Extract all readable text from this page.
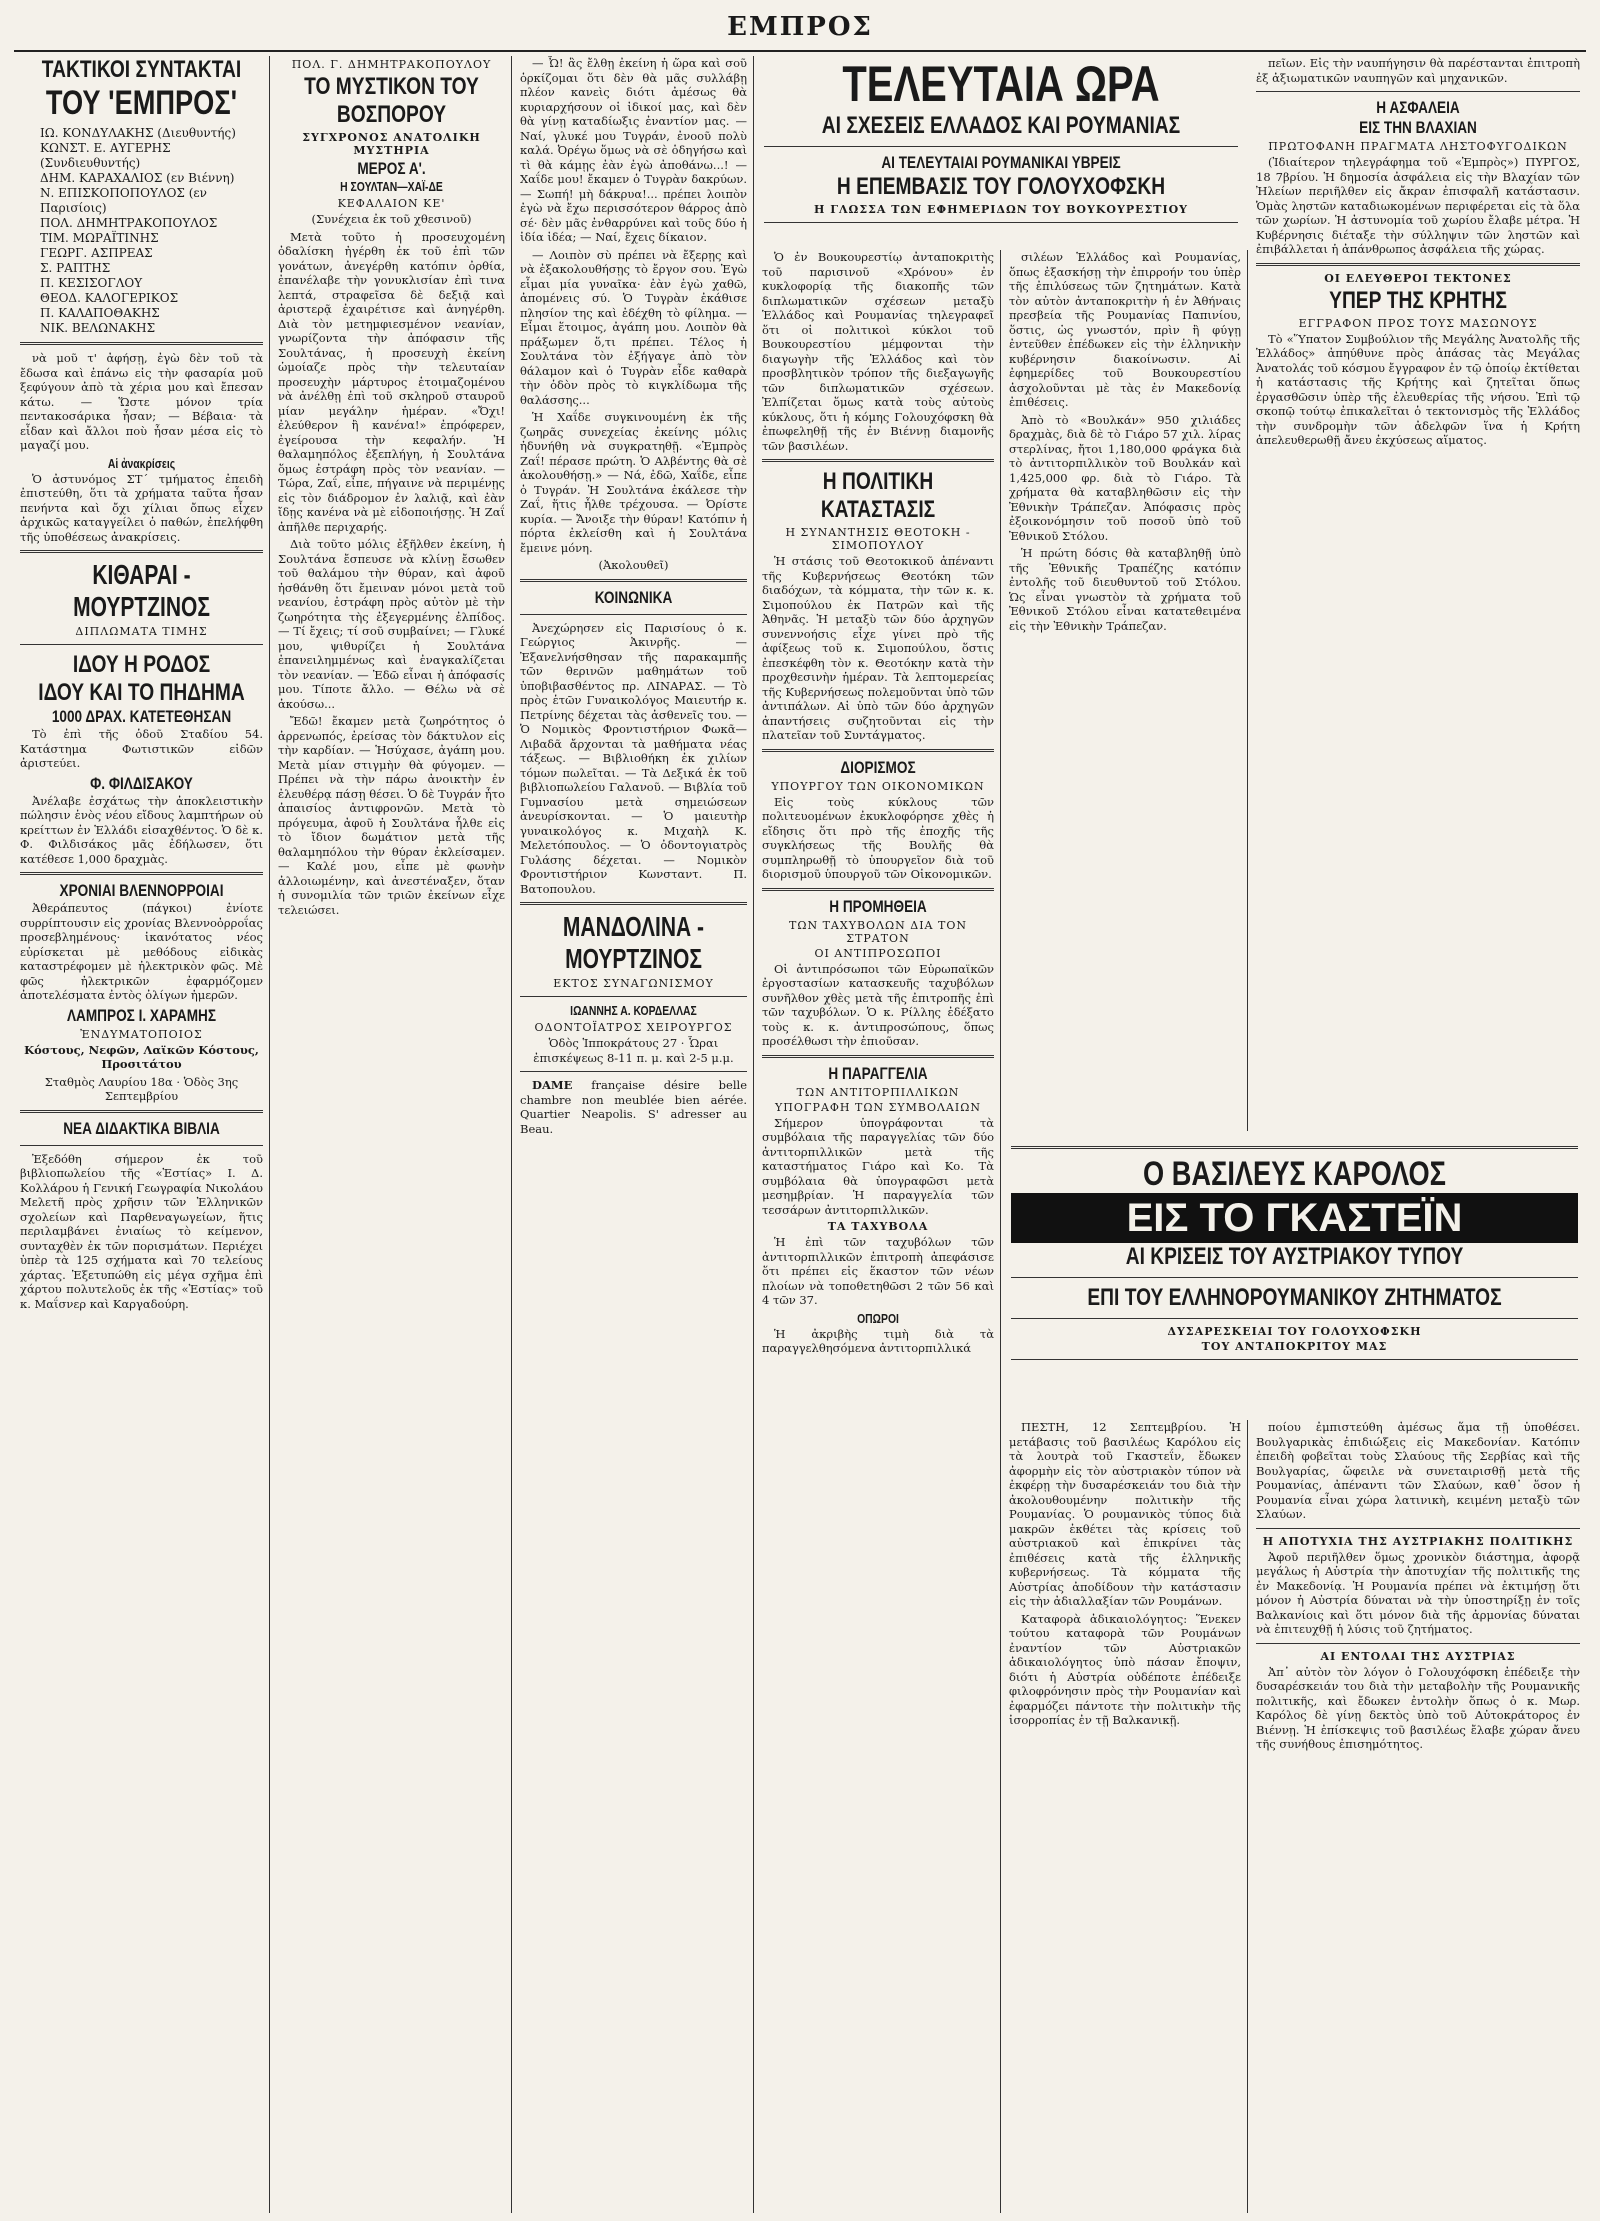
ΕΜΠΡΟΣ
ΤΑΚΤΙΚΟΙ ΣΥΝΤΑΚΤΑΙ
ΤΟΥ 'ΕΜΠΡΟΣ'
ΙΩ. ΚΟΝΔΥΛΑΚΗΣ (Διευθυντής)
ΚΩΝΣΤ. Ε. ΑΥΓΕΡΗΣ (Συνδιευθυντής)
ΔΗΜ. ΚΑΡΑΧΑΛΙΟΣ (εν Βιέννη)
Ν. ΕΠΙΣΚΟΠΟΠΟΥΛΟΣ (εν Παρισίοις)
ΠΟΛ. ΔΗΜΗΤΡΑΚΟΠΟΥΛΟΣ
ΤΙΜ. ΜΩΡΑΪΤΙΝΗΣ
ΓΕΩΡΓ. ΑΣΠΡΕΑΣ
Σ. ΡΑΠΤΗΣ
Π. ΚΕΣΙΣΟΓΛΟΥ
ΘΕΟΔ. ΚΑΛΟΓΕΡΙΚΟΣ
Π. ΚΑΛΑΠΟΘΑΚΗΣ
ΝΙΚ. ΒΕΛΩΝΑΚΗΣ

νὰ μοῦ τ' ἀφήσῃ, ἐγὼ δὲν τοῦ τὰ ἔδωσα καὶ ἐπάνω εἰς τὴν φασαρία μοῦ ξεφύγουν ἀπὸ τὰ χέρια μου καὶ ἔπεσαν κάτω. — Ὥστε μόνον τρία πεντακοσάρικα ἦσαν; — Βέβαια· τὰ εἶδαν καὶ ἄλλοι ποὺ ἦσαν μέσα εἰς τὸ μαγαζί μου.

Αἱ ἀνακρίσεις

Ὁ ἀστυνόμος ΣΤ΄ τμήματος ἐπειδὴ ἐπιστεύθη, ὅτι τὰ χρήματα ταῦτα ἦσαν πενήντα καὶ ὄχι χίλιαι ὄπως εἶχεν ἀρχικῶς καταγγείλει ὁ παθών, ἐπελήφθη τῆς ὑποθέσεως ἀνακρίσεις.

ΚΙΘΑΡΑΙ - ΜΟΥΡΤΖΙΝΟΣ
ΔΙΠΛΩΜΑΤΑ ΤΙΜΗΣ
ΙΔΟΥ Η ΡΟΔΟΣ
ΙΔΟΥ ΚΑΙ ΤΟ ΠΗΔΗΜΑ
1000 ΔΡΑΧ. ΚΑΤΕΤΕΘΗΣΑΝ

Τὸ ἐπὶ τῆς ὁδοῦ Σταδίου 54. Κατάστημα Φωτιστικῶν εἰδῶν ἀριστεύει.

Φ. ΦΙΛΔΙΣΑΚΟΥ

Ἀνέλαβε ἐσχάτως τὴν ἀποκλειστικὴν πώλησιν ἑνὸς νέου εἴδους λαμπτήρων οὐ κρείττων ἐν Ἑλλάδι εἰσαχθέντος. Ὁ δὲ κ. Φ. Φιλδισάκος μᾶς ἐδήλωσεν, ὅτι κατέθεσε 1,000 δραχμὰς.

ΧΡΟΝΙΑΙ ΒΛΕΝΝΟΡΡΟΙΑΙ

Ἀθεράπευτος (πάγκοι) ἐνίοτε συρρίπτουσιν εἰς χρονίας Βλεννοὀρροΐας προσεβλημένους· ἰκανότατος νέος εὐρίσκεται μὲ μεθόδους εἰδικὰς καταστρέφομεν μὲ ἠλεκτρικὸν φῶς. Μὲ φῶς ἠλεκτρικῶν ἐφαρμόζομεν ἀποτελέσματα ἐντὸς ὀλίγων ἡμερῶν.

ΛΑΜΠΡΟΣ Ι. ΧΑΡΑΜΗΣ
ἘΝΔΥΜΑΤΟΠΟΙΟΣ

Κόστους, Νεφῶν, Λαϊκῶν Κόστους, Προσιτάτου

Σταθμὸς Λαυρίου 18α · Ὁδὸς 3ης Σεπτεμβρίου

ΝΕΑ ΔΙΔΑΚΤΙΚΑ ΒΙΒΛΙΑ

Ἐξεδόθη σήμερον ἐκ τοῦ βιβλιοπωλείου τῆς «Ἑστίας» Ι. Δ. Κολλάρου ἡ Γενική Γεωγραφία Νικολάου Μελετῆ πρὸς χρῆσιν τῶν Ἑλληνικῶν σχολείων καὶ Παρθεναγωγείων, ἥτις περιλαμβάνει ἐνιαίως τὸ κείμενον, συνταχθὲν ἐκ τῶν πορισμάτων. Περιέχει ὑπὲρ τὰ 125 σχήματα καὶ 70 τελείους χάρτας. Ἐξετυπώθη εἰς μέγα σχῆμα ἐπὶ χάρτου πολυτελοῦς ἐκ τῆς «Ἑστίας» τοῦ κ. Μαΐσνερ καὶ Καργαδούρη.

ΠΟΛ. Γ. ΔΗΜΗΤΡΑΚΟΠΟΥΛΟΥ
ΤΟ ΜΥΣΤΙΚΟΝ ΤΟΥ ΒΟΣΠΟΡΟΥ
ΣΥΓΧΡΟΝΟΣ ΑΝΑΤΟΛΙΚΗ ΜΥΣΤΗΡΙΑ
ΜΕΡΟΣ Α'.
Η ΣΟΥΛΤΑΝ—ΧΑΪ-ΔΕ
ΚΕΦΑΛΑΙΟΝ ΚΕ'

(Συνέχεια ἐκ τοῦ χθεσινοῦ)

Μετὰ τοῦτο ἡ προσευχομένη ὀδαλίσκη ἠγέρθη ἐκ τοῦ ἐπὶ τῶν γονάτων, ἀνεγέρθη κατόπιν ὀρθία, ἐπανέλαβε τὴν γονυκλισίαν ἐπὶ τινα λεπτά, στραφεῖσα δὲ δεξιᾷ καὶ ἀριστερᾷ ἐχαιρέτισε καὶ ἀνηγέρθη. Διὰ τὸν μετημφιεσμένον νεανίαν, γνωρίζοντα τὴν ἀπόφασιν τῆς Σουλτάνας, ἡ προσευχὴ ἐκείνη ὡμοίαζε πρὸς τὴν τελευταίαν προσευχὴν μάρτυρος ἑτοιμαζομένου νὰ ἀνέλθῃ ἐπὶ τοῦ σκληροῦ σταυροῦ μίαν μεγάλην ἡμέραν. «Ὄχι! ἐλεύθερον ἢ κανένα!» ἐπρόφερεν, ἐγείρουσα τὴν κεφαλήν. Ἡ θαλαμηπόλος ἐξεπλήγη, ἡ Σουλτάνα ὅμως ἐστράφη πρὸς τὸν νεανίαν. — Τώρα, Ζαΐ, εἶπε, πήγαινε νὰ περιμένῃς εἰς τὸν διάδρομον ἐν λαλιᾷ, καὶ ἐὰν ἴδῃς κανένα νὰ μὲ εἰδοποιήσῃς. Ἡ Ζαΐ ἀπῆλθε περιχαρής.

Διὰ τοῦτο μόλις ἐξῆλθεν ἐκείνη, ἡ Σουλτάνα ἔσπευσε νὰ κλίνῃ ἔσωθεν τοῦ θαλάμου τὴν θύραν, καὶ ἀφοῦ ἠσθάνθη ὅτι ἔμειναν μόνοι μετὰ τοῦ νεανίου, ἐστράφη πρὸς αὐτὸν μὲ τὴν ζωηρότητα τὴς ἐξεγερμένης ἐλπίδος. — Τί ἔχεις; τί σοῦ συμβαίνει; — Γλυκέ μου, ψιθυρίζει ἡ Σουλτάνα ἐπανειλημμένως καὶ ἐναγκαλίζεται τὸν νεανίαν. — Ἐδῶ εἶναι ἡ ἀπόφασίς μου. Τίποτε ἄλλο. — Θέλω νὰ σὲ ἀκούσω...

Ἔδῶ! ἔκαμεν μετὰ ζωηρότητος ὁ ἀρρενωπός, ἐρείσας τὸν δάκτυλον εἰς τὴν καρδίαν. — Ἡσύχασε, ἀγάπη μου. Μετὰ μίαν στιγμὴν θὰ φύγομεν. — Πρέπει νὰ τὴν πάρω ἀνοικτὴν ἐν ἐλευθέρᾳ πάσῃ θέσει. Ὁ δὲ Τυγράν ἦτο ἀπαισίος ἀντιφρονῶν. Μετὰ τὸ πρόγευμα, ἀφοῦ ἡ Σουλτάνα ἦλθε εἰς τὸ ἴδιον δωμάτιον μετὰ τῆς θαλαμηπόλου τὴν θύραν ἐκλείσαμεν. — Καλέ μου, εἶπε μὲ φωνὴν ἀλλοιωμένην, καὶ ἀνεστέναξεν, ὅταν ἡ συνομιλία τῶν τριῶν ἐκείνων εἶχε τελειώσει.

— Ὦ! ἂς ἔλθῃ ἐκείνη ἡ ὥρα καὶ σοῦ ὁρκίζομαι ὅτι δὲν θὰ μᾶς συλλάβῃ πλέον κανεὶς διότι ἀμέσως θὰ κυριαρχήσουν οἱ ἰδικοί μας, καὶ δὲν θὰ γίνῃ καταδίωξις ἐναντίον μας. — Ναί, γλυκέ μου Τυγράν, ἐνοοῦ πολὺ καλά. Ὀρέγω ὅμως νὰ σὲ ὁδηγήσω καὶ τὶ θὰ κάμῃς ἐὰν ἐγὼ ἀποθάνω...! — Χαΐδε μου! ἔκαμεν ὁ Τυγρὰν δακρύων. — Σωπή! μὴ δάκρυα!... πρέπει λοιπὸν ἐγὼ νὰ ἔχω περισσότερον θάρρος ἀπὸ σέ· δὲν μᾶς ἐνθαρρύνει καὶ τοῦς δύο ἡ ἰδία ἰδέα; — Ναί, ἔχεις δίκαιον.

— Λοιπὸν σὺ πρέπει νὰ ἔξερῃς καὶ νὰ ἐξακολουθήσῃς τὸ ἔργον σου. Ἐγὼ εἶμαι μία γυναῖκα· ἐὰν ἐγὼ χαθῶ, ἀπομένεις σύ. Ὁ Τυγρὰν ἐκάθισε πλησίον της καὶ ἐδέχθη τὸ φίλημα. — Εἶμαι ἕτοιμος, ἀγάπη μου. Λοιπὸν θὰ πράξωμεν ὅ,τι πρέπει. Τέλος ἡ Σουλτάνα τὸν ἐξήγαγε ἀπὸ τὸν θάλαμον καὶ ὁ Τυγρὰν εἶδε καθαρὰ τὴν ὁδὸν πρὸς τὸ κιγκλίδωμα τῆς θαλάσσης...

Ἡ Χαΐδε συγκινουμένη ἐκ τῆς ζωηρᾶς συνεχείας ἐκείνης μόλις ἠδυνήθη νὰ συγκρατηθῇ. «Ἐμπρὸς Ζαΐ! πέρασε πρώτη. Ὁ Αλβέντης θὰ σὲ ἀκολουθήσῃ.» — Νά, ἐδῶ, Χαΐδε, εἶπε ὁ Τυγράν. Ἡ Σουλτάνα ἐκάλεσε τὴν Ζαΐ, ἥτις ἦλθε τρέχουσα. — Ὀρίστε κυρία. — Ἄνοιξε τὴν θύραν! Κατόπιν ἡ πόρτα ἐκλείσθη καὶ ἡ Σουλτάνα ἔμεινε μόνη.

(Ἀκολουθεῖ)

ΚΟΙΝΩΝΙΚΑ

Ἀνεχώρησεν εἰς Παρισίους ὁ κ. Γεώργιος Ἀκινρῆς. — Ἐξανελνήσθησαν τῆς παρακαμπῆς τῶν θερινῶν μαθημάτων τοῦ ὑποβιβασθέντος πρ. ΛΙΝΑΡΑΣ. — Τὸ πρὸς ἑτῶν Γυναικολόγος Μαιευτήρ κ. Πετρίνης δέχεται τὰς ἀσθενεῖς του. — Ὁ Νομικὸς Φροντιστήριον Φωκᾶ—Λιβαδᾶ ἄρχονται τὰ μαθήματα νέας τάξεως. — Βιβλιοθήκη ἐκ χιλίων τόμων πωλεῖται. — Τὰ Δεξικά ἐκ τοῦ βιβλιοπωλείου Γαλανοῦ. — Βιβλία τοῦ Γυμνασίου μετὰ σημειώσεων ἀνευρίσκονται. — Ὁ μαιευτὴρ γυναικολόγος κ. Μιχαὴλ Κ. Μελετόπουλος. — Ὁ ὀδοντογιατρὸς Γυλάσης δέχεται. — Νομικὸν Φροντιστήριον Κωνσταντ. Π. Βατοπουλου.

ΜΑΝΔΟΛΙΝΑ - ΜΟΥΡΤΖΙΝΟΣ
ΕΚΤΟΣ ΣΥΝΑΓΩΝΙΣΜΟΥ
ΙΩΑΝΝΗΣ Α. ΚΟΡΔΕΛΛΑΣ
ΟΔΟΝΤΟΪΑΤΡΟΣ ΧΕΙΡΟΥΡΓΟΣ

Ὁδὸς Ἱπποκράτους 27 · Ὧραι ἐπισκέψεως 8-11 π. μ. καὶ 2-5 μ.μ.

DAME française désire belle chambre non meublée bien aérée. Quartier Neapolis. S' adresser au Beau.

ΤΕΛΕΥΤΑΙΑ ΩΡΑ
ΑΙ ΣΧΕΣΕΙΣ ΕΛΛΑΔΟΣ ΚΑΙ ΡΟΥΜΑΝΙΑΣ
ΑΙ ΤΕΛΕΥΤΑΙΑΙ ΡΟΥΜΑΝΙΚΑΙ ΥΒΡΕΙΣ
Η ΕΠΕΜΒΑΣΙΣ ΤΟΥ ΓΟΛΟΥΧΟΦΣΚΗ
Η ΓΛΩΣΣΑ ΤΩΝ ΕΦΗΜΕΡΙΔΩΝ ΤΟΥ ΒΟΥΚΟΥΡΕΣΤΙΟΥ

Ὁ ἐν Βουκουρεστίῳ ἀνταποκριτὴς τοῦ παρισινοῦ «Χρόνου» ἐν κυκλοφορίᾳ τῆς διακοπῆς τῶν διπλωματικῶν σχέσεων μεταξὺ Ἑλλάδος καὶ Ρουμανίας τηλεγραφεῖ ὅτι οἱ πολιτικοὶ κύκλοι τοῦ Βουκουρεστίου μέμφονται τὴν διαγωγὴν τῆς Ἑλλάδος καὶ τὸν προσβλητικὸν τρόπον τῆς διεξαγωγῆς τῶν διπλωματικῶν σχέσεων. Ἐλπίζεται ὅμως κατὰ τοὺς αὐτοὺς κύκλους, ὅτι ἡ κόμης Γολουχόφσκη θὰ ἐπωφεληθῇ τῆς ἐν Βιέννῃ διαμονῆς τῶν βασιλέων.

Η ΠΟΛΙΤΙΚΗ ΚΑΤΑΣΤΑΣΙΣ
Η ΣΥΝΑΝΤΗΣΙΣ ΘΕΟΤΟΚΗ - ΣΙΜΟΠΟΥΛΟΥ

Ἡ στάσις τοῦ Θεοτοκικοῦ ἀπέναντι τῆς Κυβερνήσεως Θεοτόκη τῶν διαδόχων, τὰ κόμματα, τὴν τῶν κ. κ. Σιμοπούλου ἐκ Πατρῶν καὶ τῆς Ἀθηνᾶς. Ἡ μεταξὺ τῶν δύο ἀρχηγῶν συνεννοήσις εἶχε γίνει πρὸ τῆς ἀφίξεως τοῦ κ. Σιμοπούλου, ὅστις ἐπεσκέφθη τὸν κ. Θεοτόκην κατὰ τὴν προχθεσινὴν ἡμέραν. Τὰ λεπτομερείας τῆς Κυβερνήσεως πολεμοῦνται ὑπὸ τῶν ἀντιπάλων. Αἱ ὑπὸ τῶν δύο ἀρχηγῶν ἀπαντήσεις συζητοῦνται εἰς τὴν πλατεῖαν τοῦ Συντάγματος.

ΔΙΟΡΙΣΜΟΣ
ΥΠΟΥΡΓΟΥ ΤΩΝ ΟΙΚΟΝΟΜΙΚΩΝ

Εἰς τοὺς κύκλους τῶν πολιτευομένων ἐκυκλοφόρησε χθὲς ἡ εἴδησις ὅτι πρὸ τῆς ἐποχῆς τῆς συγκλήσεως τῆς Βουλῆς θὰ συμπληρωθῇ τὸ ὑπουργεῖον διὰ τοῦ διορισμοῦ ὑπουργοῦ τῶν Οἰκονομικῶν.

Η ΠΡΟΜΗΘΕΙΑ
ΤΩΝ ΤΑΧΥΒΟΛΩΝ ΔΙΑ ΤΟΝ ΣΤΡΑΤΟΝ
ΟΙ ΑΝΤΙΠΡΟΣΩΠΟΙ

Οἱ ἀντιπρόσωποι τῶν Εὐρωπαϊκῶν ἐργοστασίων κατασκευῆς ταχυβόλων συνῆλθον χθὲς μετὰ τῆς ἐπιτροπῆς ἐπὶ τῶν ταχυβόλων. Ὁ κ. Ρίλλης ἐδέξατο τοὺς κ. κ. ἀντιπροσώπους, ὅπως προσέλθωσι τὴν ἐπιοῦσαν.

Η ΠΑΡΑΓΓΕΛΙΑ
ΤΩΝ ΑΝΤΙΤΟΡΠΙΛΛΙΚΩΝ
ΥΠΟΓΡΑΦΗ ΤΩΝ ΣΥΜΒΟΛΑΙΩΝ

Σήμερον ὑπογράφονται τὰ συμβόλαια τῆς παραγγελίας τῶν δύο ἀντιτορπιλλικῶν μετὰ τῆς καταστήματος Γιάρο καὶ Κο. Τὰ συμβόλαια θὰ ὑπογραφῶσι μετὰ μεσημβρίαν. Ἡ παραγγελία τῶν τεσσάρων ἀντιτορπιλλικῶν.

ΤΑ ΤΑΧΥΒΟΛΑ

Ἡ ἐπὶ τῶν ταχυβόλων τῶν ἀντιτορπιλλικῶν ἐπιτροπὴ ἀπεφάσισε ὅτι πρέπει εἰς ἕκαστον τῶν νέων πλοίων νὰ τοποθετηθῶσι 2 τῶν 56 καὶ 4 τῶν 37.

ΟΠΩΡΟΙ

Ἡ ἀκριβὴς τιμὴ διὰ τὰ παραγγελθησόμενα ἀντιτορπιλλικά

σιλέων Ἑλλάδος καὶ Ρουμανίας, ὅπως ἐξασκήσῃ τὴν ἐπιρροήν του ὑπὲρ τῆς ἐπιλύσεως τῶν ζητημάτων. Κατὰ τὸν αὐτὸν ἀνταποκριτὴν ἡ ἐν Ἀθήναις πρεσβεία τῆς Ρουμανίας Παπινίου, ὅστις, ὡς γνωστόν, πρὶν ἢ φύγῃ ἐντεῦθεν ἐπέδωκεν εἰς τὴν ἑλληνικὴν κυβέρνησιν διακοίνωσιν. Αἱ ἐφημερίδες τοῦ Βουκουρεστίου ἀσχολοῦνται μὲ τὰς ἐν Μακεδονίᾳ ἐπιθέσεις.

Ἀπὸ τὸ «Βουλκάν» 950 χιλιάδες δραχμὰς, διὰ δὲ τὸ Γιάρο 57 χιλ. λίρας στερλίνας, ἤτοι 1,180,000 φράγκα διὰ τὸ ἀντιτορπιλλικὸν τοῦ Βουλκάν καὶ 1,425,000 φρ. διὰ τὸ Γιάρο. Τὰ χρήματα θὰ καταβληθῶσιν εἰς τὴν Ἐθνικὴν Τράπεζαν. Ἀπόφασις πρὸς ἐξοικονόμησιν τοῦ ποσοῦ ὑπὸ τοῦ Ἐθνικοῦ Στόλου.

Ἡ πρώτη δόσις θὰ καταβληθῇ ὑπὸ τῆς Ἐθνικῆς Τραπέζης κατόπιν ἐντολῆς τοῦ διευθυντοῦ τοῦ Στόλου. Ὡς εἶναι γνωστὸν τὰ χρήματα τοῦ Ἐθνικοῦ Στόλου εἶναι κατατεθειμένα εἰς τὴν Ἐθνικὴν Τράπεζαν.

πεῖων. Εἰς τὴν ναυπήγησιν θὰ παρέστανται ἐπιτροπὴ ἐξ ἀξιωματικῶν ναυπηγῶν καὶ μηχανικῶν.

Η ΑΣΦΑΛΕΙΑ
ΕΙΣ ΤΗΝ ΒΛΑΧΙΑΝ
ΠΡΩΤΟΦΑΝΗ ΠΡΑΓΜΑΤΑ ΛΗΣΤΟΦΥΓΟΔΙΚΩΝ

(Ἰδιαίτερον τηλεγράφημα τοῦ «Ἐμπρὸς») ΠΥΡΓΟΣ, 18 7βρίου. Ἡ δημοσία ἀσφάλεια εἰς τὴν Βλαχίαν τῶν Ἠλείων περιῆλθεν εἰς ἄκραν ἐπισφαλῆ κατάστασιν. Ὁμὰς ληστῶν καταδιωκομένων περιφέρεται εἰς τὰ ὅλα τῶν χωρίων. Ἡ ἀστυνομία τοῦ χωρίου ἔλαβε μέτρα. Ἡ Κυβέρνησις διέταξε τὴν σύλληψιν τῶν ληστῶν καὶ ἐπιβάλλεται ἡ ἀπάνθρωπος ἀσφάλεια τῆς χώρας.

ΟΙ ΕΛΕΥΘΕΡΟΙ ΤΕΚΤΟΝΕΣ
ΥΠΕΡ ΤΗΣ ΚΡΗΤΗΣ
ΕΓΓΡΑΦΟΝ ΠΡΟΣ ΤΟΥΣ ΜΑΣΩΝΟΥΣ

Τὸ «Ὕπατον Συμβούλιον τῆς Μεγάλης Ἀνατολῆς τῆς Ἑλλάδος» ἀπηύθυνε πρὸς ἁπάσας τὰς Μεγάλας Ἀνατολάς τοῦ κόσμου ἔγγραφον ἐν τῷ ὁποίῳ ἐκτίθεται ἡ κατάστασις τῆς Κρήτης καὶ ζητεῖται ὅπως ἐργασθῶσιν ὑπὲρ τῆς ἐλευθερίας τῆς νήσου. Ἐπὶ τῷ σκοπῷ τούτῳ ἐπικαλεῖται ὁ τεκτονισμὸς τῆς Ἑλλάδος τὴν συνδρομὴν τῶν ἀδελφῶν ἵνα ἡ Κρήτη ἀπελευθερωθῇ ἄνευ ἐκχύσεως αἵματος.

Ο ΒΑΣΙΛΕΥΣ ΚΑΡΟΛΟΣ
ΕΙΣ ΤΟ ΓΚΑΣΤΕΪΝ
ΑΙ ΚΡΙΣΕΙΣ ΤΟΥ ΑΥΣΤΡΙΑΚΟΥ ΤΥΠΟΥ
ΕΠΙ ΤΟΥ ΕΛΛΗΝΟΡΟΥΜΑΝΙΚΟΥ ΖΗΤΗΜΑΤΟΣ
ΔΥΣΑΡΕΣΚΕΙΑΙ ΤΟΥ ΓΟΛΟΥΧΟΦΣΚΗ
ΤΟΥ ΑΝΤΑΠΟΚΡΙΤΟΥ ΜΑΣ

ΠΕΣΤΗ, 12 Σεπτεμβρίου. Ἡ μετάβασις τοῦ βασιλέως Καρόλου εἰς τὰ λουτρὰ τοῦ Γκαστεΐν, ἔδωκεν ἀφορμὴν εἰς τὸν αὐστριακὸν τύπον νὰ ἐκφέρῃ τὴν δυσαρέσκειάν του διὰ τὴν ἀκολουθουμένην πολιτικὴν τῆς Ρουμανίας. Ὁ ρουμανικὸς τύπος διὰ μακρῶν ἐκθέτει τὰς κρίσεις τοῦ αὐστριακοῦ καὶ ἐπικρίνει τὰς ἐπιθέσεις κατὰ τῆς ἑλληνικῆς κυβερνήσεως. Τὰ κόμματα τῆς Αὐστρίας ἀποδίδουν τὴν κατάστασιν εἰς τὴν ἀδιαλλαξίαν τῶν Ρουμάνων.

Καταφορὰ ἀδικαιολόγητος: Ἕνεκεν τούτου καταφορὰ τῶν Ρουμάνων ἐναντίον τῶν Αὐστριακῶν ἀδικαιολόγητος ὑπὸ πάσαν ἔποψιν, διότι ἡ Αὐστρία οὐδέποτε ἐπέδειξε φιλοφρόνησιν πρὸς τὴν Ρουμανίαν καὶ ἐφαρμόζει πάντοτε τὴν πολιτικὴν τῆς ἰσορροπίας ἐν τῇ Βαλκανικῇ.

ποίου ἐμπιστεύθη ἀμέσως ἅμα τῇ ὑποθέσει. Βουλγαρικὰς ἐπιδιώξεις εἰς Μακεδονίαν. Κατόπιν ἐπειδὴ φοβεῖται τοὺς Σλαύους τῆς Σερβίας καὶ τῆς Βουλγαρίας, ὥφειλε νὰ συνεταιρισθῇ μετὰ τῆς Ρουμανίας, ἀπέναντι τῶν Σλαύων, καθ᾽ ὅσον ἡ Ρουμανία εἶναι χώρα λατινικὴ, κειμένη μεταξὺ τῶν Σλαύων.

Η ΑΠΟΤΥΧΙΑ ΤΗΣ ΑΥΣΤΡΙΑΚΗΣ ΠΟΛΙΤΙΚΗΣ

Ἀφοῦ περιῆλθεν ὅμως χρονικὸν διάστημα, ἀφορᾷ μεγάλως ἡ Αὐστρία τὴν ἀποτυχίαν τῆς πολιτικῆς της ἐν Μακεδονίᾳ. Ἡ Ρουμανία πρέπει νὰ ἐκτιμήσῃ ὅτι μόνον ἡ Αὐστρία δύναται νὰ τὴν ὑποστηρίξῃ ἐν τοῖς Βαλκανίοις καὶ ὅτι μόνον διὰ τῆς ἀρμονίας δύναται νὰ ἐπιτευχθῇ ἡ λύσις τοῦ ζητήματος.

ΑΙ ΕΝΤΟΛΑΙ ΤΗΣ ΑΥΣΤΡΙΑΣ

Ἀπ᾽ αὐτὸν τὸν λόγον ὁ Γολουχόφσκη ἐπέδειξε τὴν δυσαρέσκειάν του διὰ τὴν μεταβολὴν τῆς Ρουμανικῆς πολιτικῆς, καὶ ἔδωκεν ἐντολὴν ὅπως ὁ κ. Μωρ. Καρόλος δὲ γίνῃ δεκτὸς ὑπὸ τοῦ Αὐτοκράτορος ἐν Βιέννῃ. Ἡ ἐπίσκεψις τοῦ βασιλέως ἔλαβε χώραν ἄνευ τῆς συνήθους ἐπισημότητος.
